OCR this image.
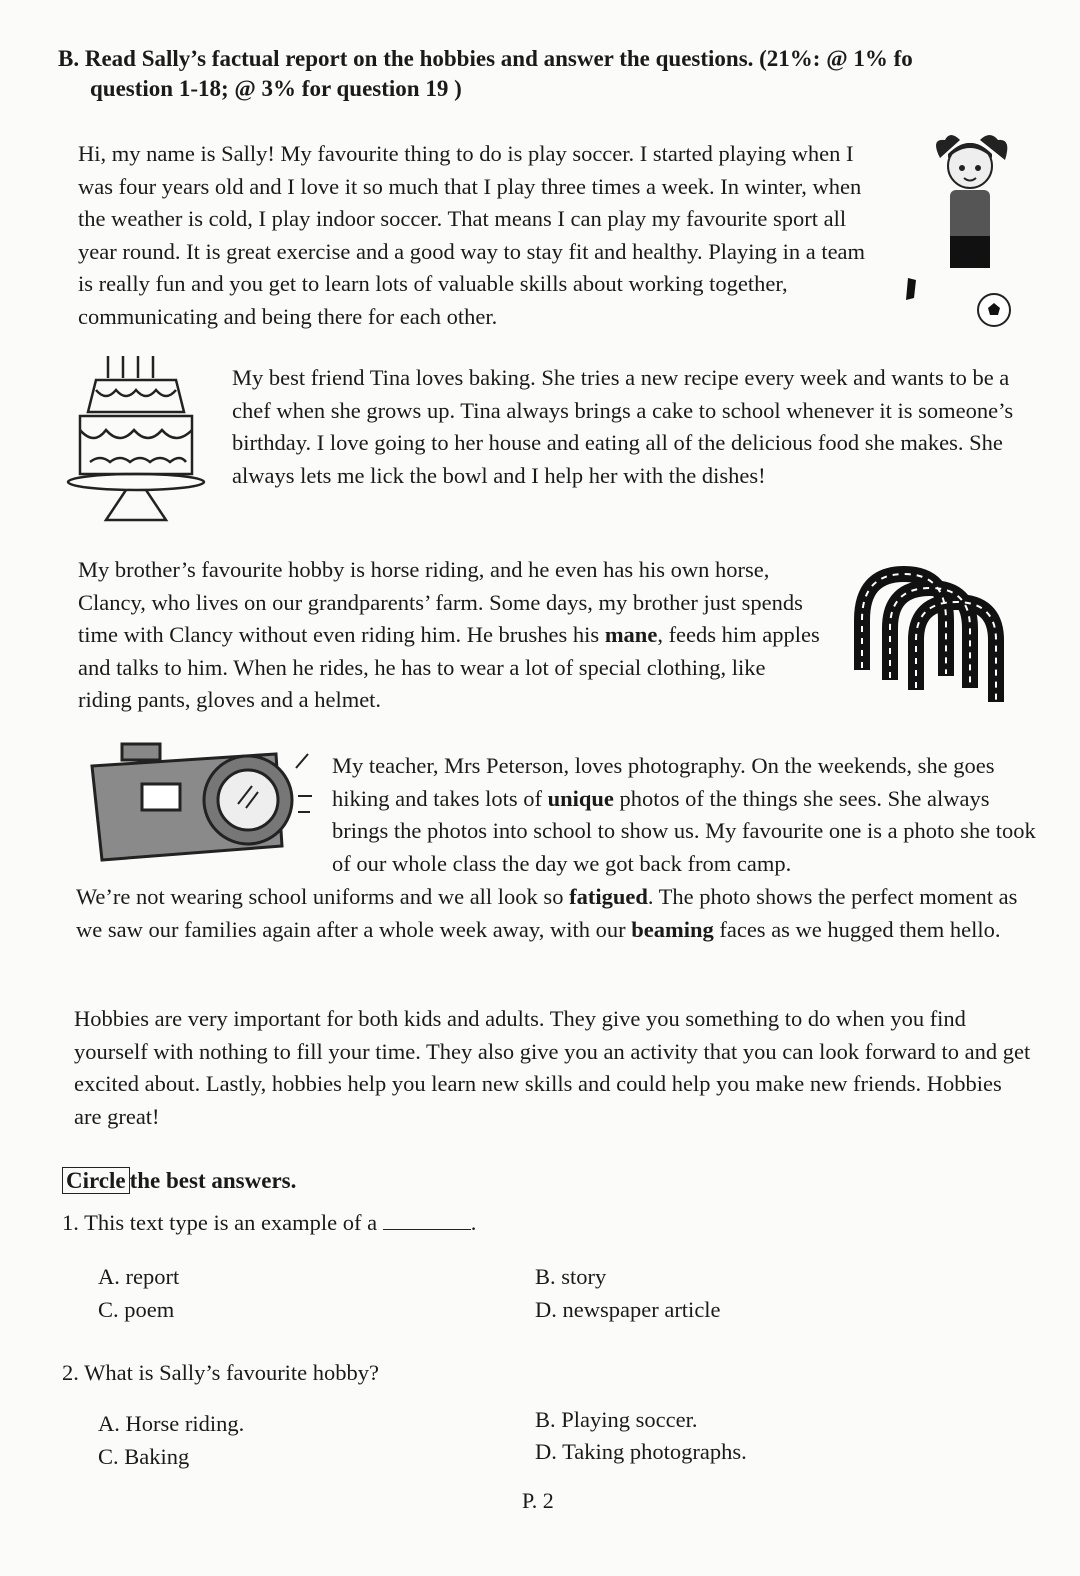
B. Read Sally’s factual report on the hobbies and answer the questions. (21%: @ 1% fo
question 1-18; @ 3% for question 19 )
Hi, my name is Sally! My favourite thing to do is play soccer. I started playing when I was four years old and I love it so much that I play three times a week. In winter, when the weather is cold, I play indoor soccer. That means I can play my favourite sport all year round. It is great exercise and a good way to stay fit and healthy. Playing in a team is really fun and you get to learn lots of valuable skills about working together, communicating and being there for each other.
My best friend Tina loves baking. She tries a new recipe every week and wants to be a chef when she grows up. Tina always brings a cake to school whenever it is someone’s birthday. I love going to her house and eating all of the delicious food she makes. She always lets me lick the bowl and I help her with the dishes!
My brother’s favourite hobby is horse riding, and he even has his own horse, Clancy, who lives on our grandparents’ farm. Some days, my brother just spends time with Clancy without even riding him. He brushes his mane, feeds him apples and talks to him. When he rides, he has to wear a lot of special clothing, like riding pants, gloves and a helmet.
My teacher, Mrs Peterson, loves photography. On the weekends, she goes hiking and takes lots of unique photos of the things she sees. She always brings the photos into school to show us. My favourite one is a photo she took of our whole class the day we got back from camp.
We’re not wearing school uniforms and we all look so fatigued. The photo shows the perfect moment as we saw our families again after a whole week away, with our beaming faces as we hugged them hello.
Hobbies are very important for both kids and adults. They give you something to do when you find yourself with nothing to fill your time. They also give you an activity that you can look forward to and get excited about. Lastly, hobbies help you learn new skills and could help you make new friends. Hobbies are great!
Circle the best answers.
1. This text type is an example of a	.
A. report	B. story
C. poem	D. newspaper article
2. What is Sally’s favourite hobby?
A. Horse riding.	B. Playing soccer.
C. Baking	D. Taking photographs.
P. 2
